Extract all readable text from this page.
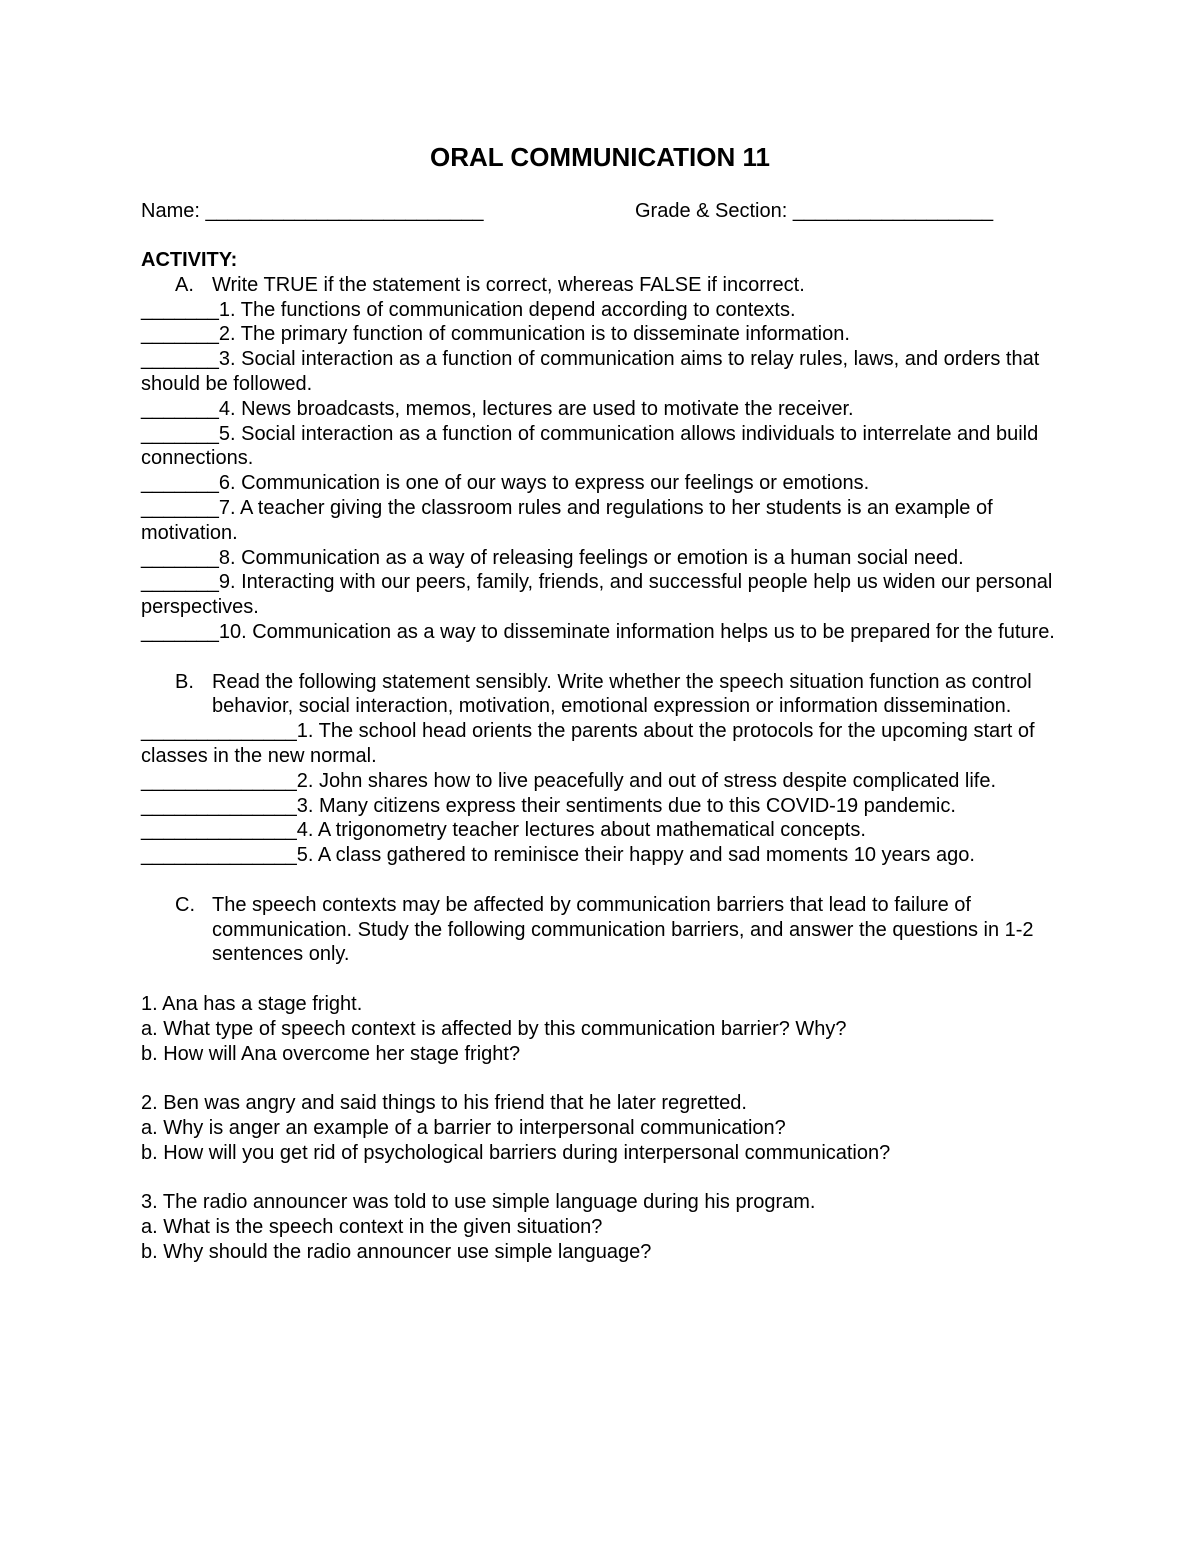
ORAL COMMUNICATION 11
Name: _________________________	Grade & Section: __________________
ACTIVITY:
A. Write TRUE if the statement is correct, whereas FALSE if incorrect.
_______1. The functions of communication depend according to contexts.
_______2. The primary function of communication is to disseminate information.
_______3. Social interaction as a function of communication aims to relay rules, laws, and orders that should be followed.
_______4. News broadcasts, memos, lectures are used to motivate the receiver.
_______5. Social interaction as a function of communication allows individuals to interrelate and build connections.
_______6. Communication is one of our ways to express our feelings or emotions.
_______7. A teacher giving the classroom rules and regulations to her students is an example of motivation.
_______8. Communication as a way of releasing feelings or emotion is a human social need.
_______9. Interacting with our peers, family, friends, and successful people help us widen our personal perspectives.
_______10. Communication as a way to disseminate information helps us to be prepared for the future.
B. Read the following statement sensibly. Write whether the speech situation function as control behavior, social interaction, motivation, emotional expression or information dissemination.
______________1. The school head orients the parents about the protocols for the upcoming start of classes in the new normal.
______________2. John shares how to live peacefully and out of stress despite complicated life.
______________3. Many citizens express their sentiments due to this COVID-19 pandemic.
______________4. A trigonometry teacher lectures about mathematical concepts.
______________5. A class gathered to reminisce their happy and sad moments 10 years ago.
C. The speech contexts may be affected by communication barriers that lead to failure of communication. Study the following communication barriers, and answer the questions in 1-2 sentences only.
1. Ana has a stage fright.
a. What type of speech context is affected by this communication barrier? Why?
b. How will Ana overcome her stage fright?
2. Ben was angry and said things to his friend that he later regretted.
a. Why is anger an example of a barrier to interpersonal communication?
b. How will you get rid of psychological barriers during interpersonal communication?
3. The radio announcer was told to use simple language during his program.
a. What is the speech context in the given situation?
b. Why should the radio announcer use simple language?
